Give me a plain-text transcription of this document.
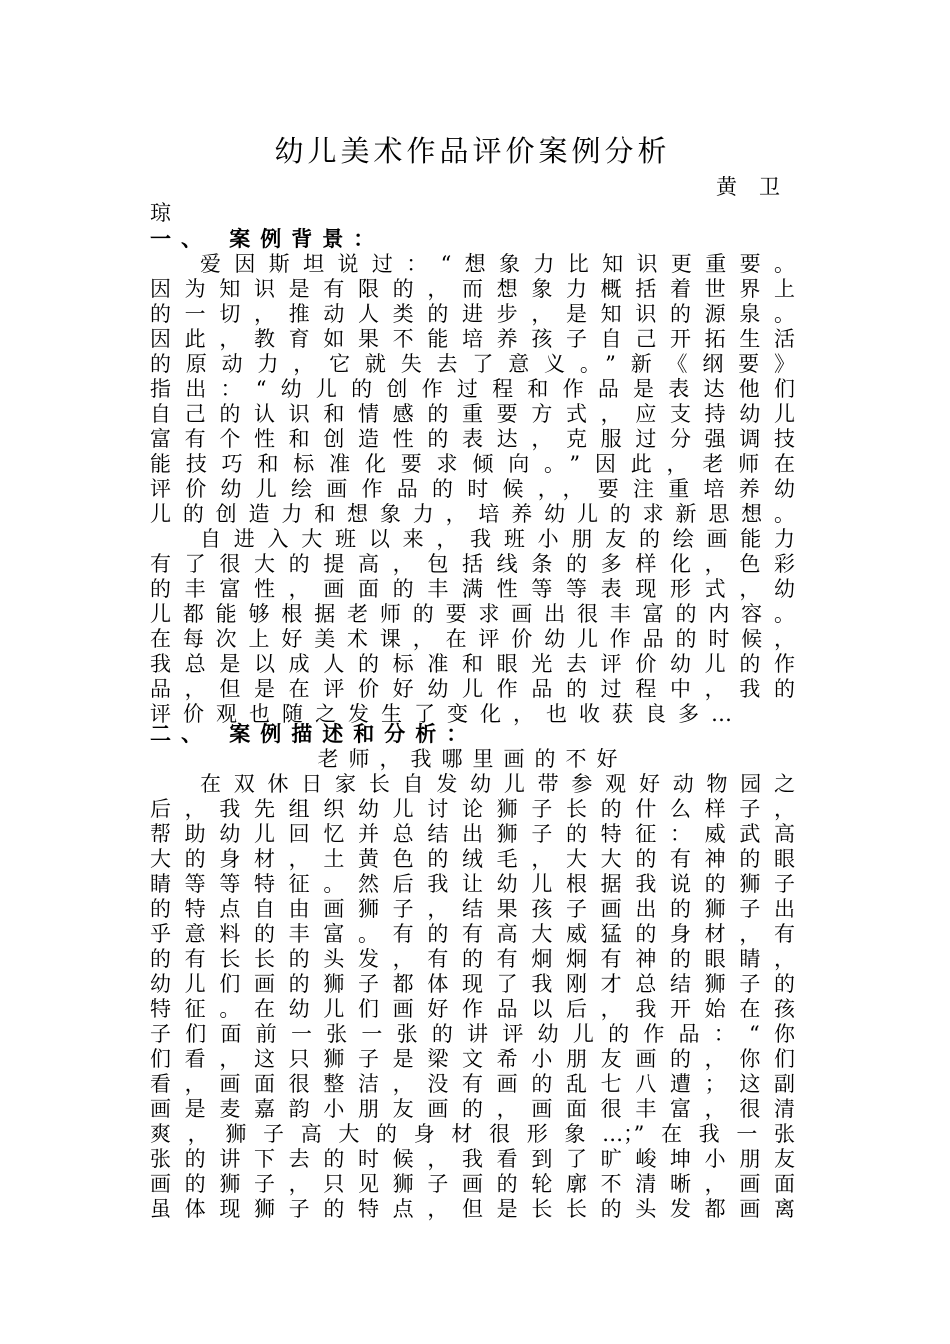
幼儿美术作品评价案例分析
黄卫
琼
一、 案例背景：
爱因斯坦说过：“想象力比知识更重要。
因为知识是有限的，而想象力概括着世界上
的一切，推动人类的进步，是知识的源泉。
因此，教育如果不能培养孩子自己开拓生活
的原动力，它就失去了意义。”新《纲要》
指出：“幼儿的创作过程和作品是表达他们
自己的认识和情感的重要方式，应支持幼儿
富有个性和创造性的表达，克服过分强调技
能技巧和标准化要求倾向。”因此，老师在
评价幼儿绘画作品的时候，，要注重培养幼
儿的创造力和想象力，培养幼儿的求新思想。
自进入大班以来，我班小朋友的绘画能力
有了很大的提高，包括线条的多样化，色彩
的丰富性，画面的丰满性等等表现形式，幼
儿都能够根据老师的要求画出很丰富的内容。
在每次上好美术课，在评价幼儿作品的时候，
我总是以成人的标准和眼光去评价幼儿的作
品，但是在评价好幼儿作品的过程中，我的
评价观也随之发生了变化，也收获良多…
二、 案例描述和分析：
老师，我哪里画的不好
在双休日家长自发幼儿带参观好动物园之
后，我先组织幼儿讨论狮子长的什么样子，
帮助幼儿回忆并总结出狮子的特征：威武高
大的身材，土黄色的绒毛，大大的有神的眼
睛等等特征。然后我让幼儿根据我说的狮子
的特点自由画狮子，结果孩子画出的狮子出
乎意料的丰富。有的有高大威猛的身材，有
的有长长的头发，有的有炯炯有神的眼睛，
幼儿们画的狮子都体现了我刚才总结狮子的
特征。在幼儿们画好作品以后，我开始在孩
子们面前一张一张的讲评幼儿的作品：“你
们看，这只狮子是梁文希小朋友画的，你们
看，画面很整洁，没有画的乱七八遭；这副
画是麦嘉韵小朋友画的，画面很丰富，很清
爽，狮子高大的身材很形象…；”在我一张
张的讲下去的时候，我看到了旷峻坤小朋友
画的狮子，只见狮子画的轮廓不清晰，画面
虽体现狮子的特点，但是长长的头发都画离
